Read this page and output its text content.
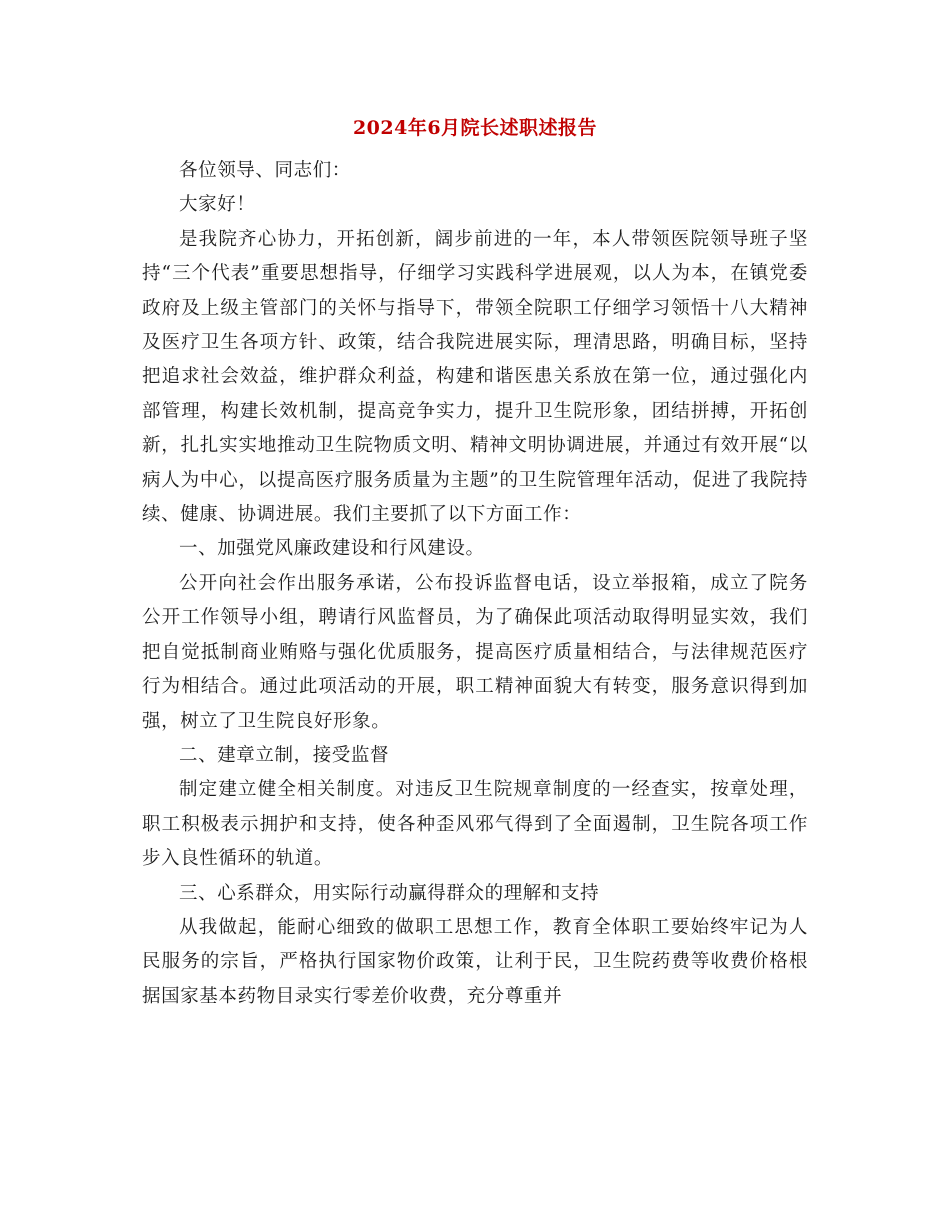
2024年6月院长述职述报告

各位领导、同志们：

大家好！

是我院齐心协力，开拓创新，阔步前进的一年，本人带领医院领导班子坚持“三个代表”重要思想指导，仔细学习实践科学进展观，以人为本，在镇党委政府及上级主管部门的关怀与指导下，带领全院职工仔细学习领悟十八大精神及医疗卫生各项方针、政策，结合我院进展实际，理清思路，明确目标，坚持把追求社会效益，维护群众利益，构建和谐医患关系放在第一位，通过强化内部管理，构建长效机制，提高竞争实力，提升卫生院形象，团结拼搏，开拓创新，扎扎实实地推动卫生院物质文明、精神文明协调进展，并通过有效开展“以病人为中心，以提高医疗服务质量为主题”的卫生院管理年活动，促进了我院持续、健康、协调进展。我们主要抓了以下方面工作：

一、加强党风廉政建设和行风建设。

公开向社会作出服务承诺，公布投诉监督电话，设立举报箱，成立了院务公开工作领导小组，聘请行风监督员，为了确保此项活动取得明显实效，我们把自觉抵制商业贿赂与强化优质服务，提高医疗质量相结合，与法律规范医疗行为相结合。通过此项活动的开展，职工精神面貌大有转变，服务意识得到加强，树立了卫生院良好形象。

二、建章立制，接受监督

制定建立健全相关制度。对违反卫生院规章制度的一经查实，按章处理，职工积极表示拥护和支持，使各种歪风邪气得到了全面遏制，卫生院各项工作步入良性循环的轨道。

三、心系群众，用实际行动赢得群众的理解和支持

从我做起，能耐心细致的做职工思想工作，教育全体职工要始终牢记为人民服务的宗旨，严格执行国家物价政策，让利于民，卫生院药费等收费价格根据国家基本药物目录实行零差价收费，充分尊重并
